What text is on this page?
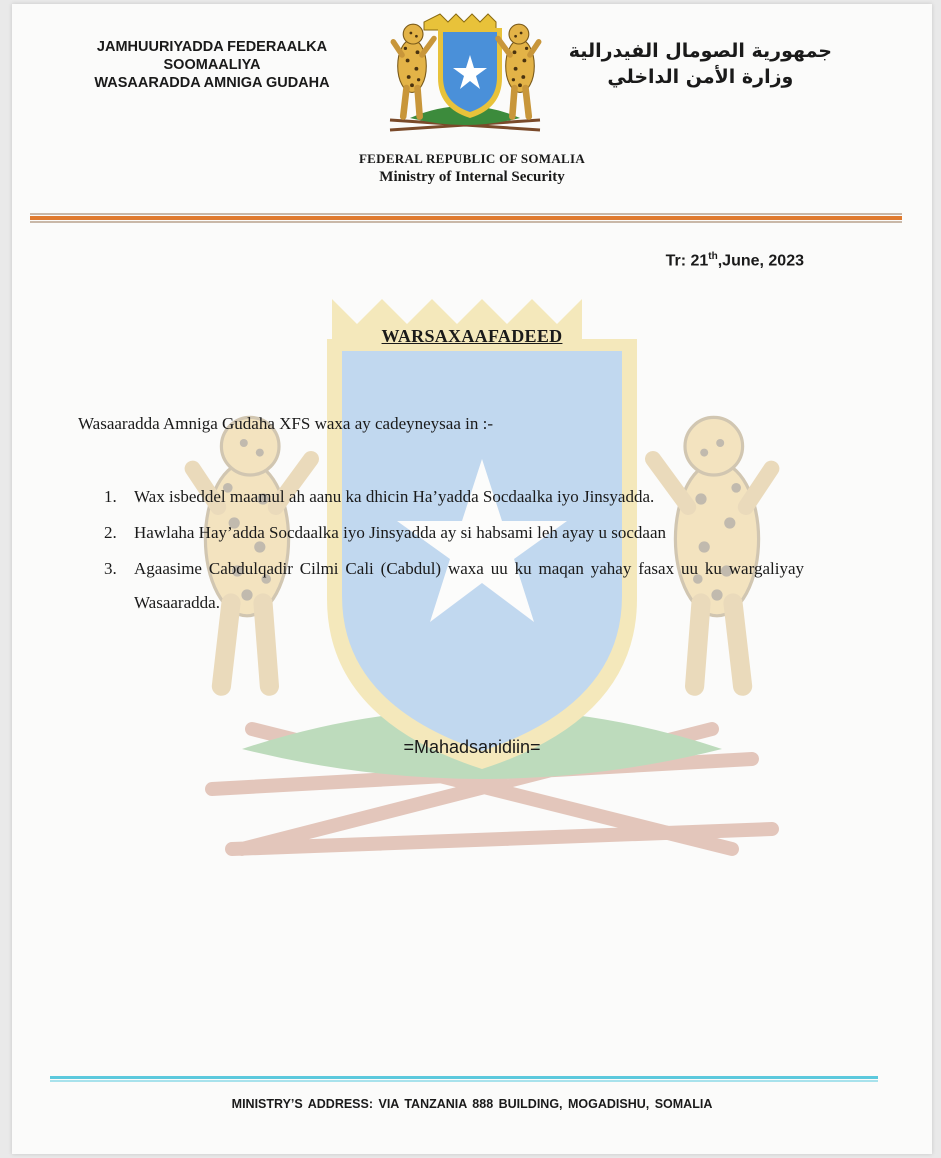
JAMHUURIYADDA FEDERAALKA
SOOMAALIYA
WASAARADDA AMNIGA GUDAHA
جمهورية الصومال الفيدرالية
وزارة الأمن الداخلي
FEDERAL REPUBLIC OF SOMALIA
Ministry of Internal Security
Tr: 21th,June, 2023
WARSAXAAFADEED
Wasaaradda Amniga Gudaha XFS waxa ay cadeyneysaa in :-
1.	Wax isbeddel maamul ah aanu ka dhicin Ha’yadda Socdaalka iyo Jinsyadda.
2.	Hawlaha Hay’adda Socdaalka iyo Jinsyadda ay si habsami leh ayay u socdaan
3.	Agaasime Cabdulqadir Cilmi Cali (Cabdul) waxa uu ku maqan yahay fasax uu ku wargaliyay Wasaaradda.
=Mahadsanidiin=
MINISTRY’S ADDRESS: VIA TANZANIA 888 BUILDING, MOGADISHU, SOMALIA
